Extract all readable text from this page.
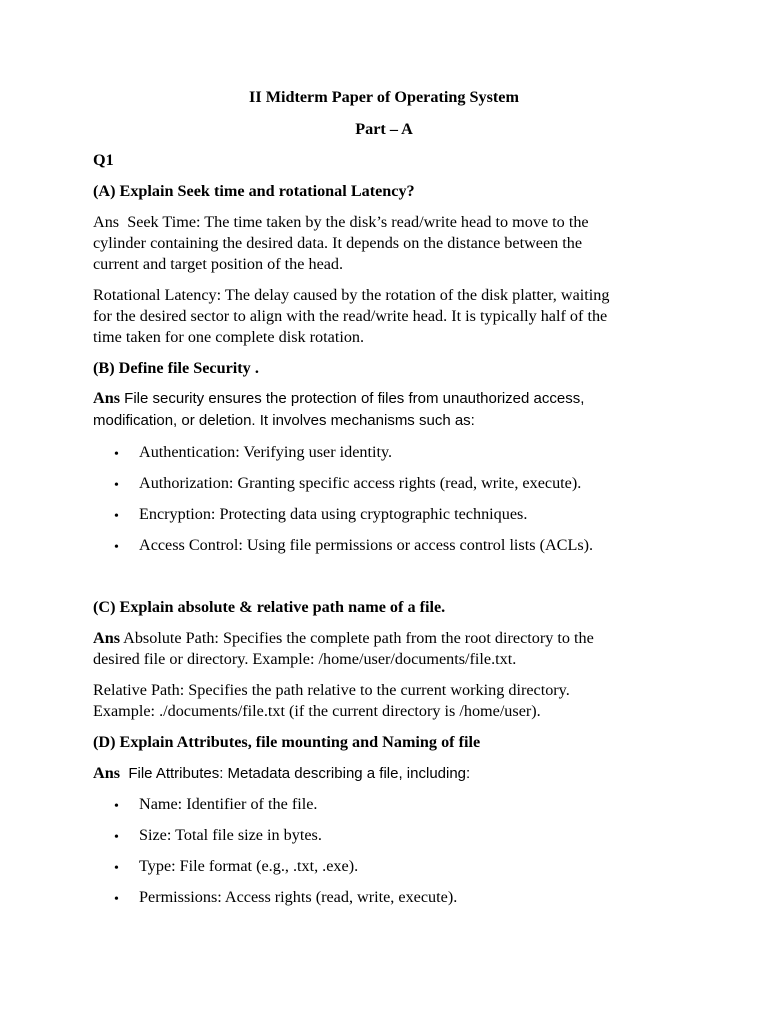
II Midterm Paper of Operating System
Part – A
Q1
(A) Explain Seek time and rotational Latency?
Ans  Seek Time: The time taken by the disk’s read/write head to move to the
cylinder containing the desired data. It depends on the distance between the
current and target position of the head.
Rotational Latency: The delay caused by the rotation of the disk platter, waiting
for the desired sector to align with the read/write head. It is typically half of the
time taken for one complete disk rotation.
(B) Define file Security .
Ans File security ensures the protection of files from unauthorized access,
modification, or deletion. It involves mechanisms such as:
• Authentication: Verifying user identity.
• Authorization: Granting specific access rights (read, write, execute).
• Encryption: Protecting data using cryptographic techniques.
• Access Control: Using file permissions or access control lists (ACLs).
(C) Explain absolute & relative path name of a file.
Ans Absolute Path: Specifies the complete path from the root directory to the
desired file or directory. Example: /home/user/documents/file.txt.
Relative Path: Specifies the path relative to the current working directory.
Example: ./documents/file.txt (if the current directory is /home/user).
(D) Explain Attributes, file mounting and Naming of file
Ans  File Attributes: Metadata describing a file, including:
• Name: Identifier of the file.
• Size: Total file size in bytes.
• Type: File format (e.g., .txt, .exe).
• Permissions: Access rights (read, write, execute).
